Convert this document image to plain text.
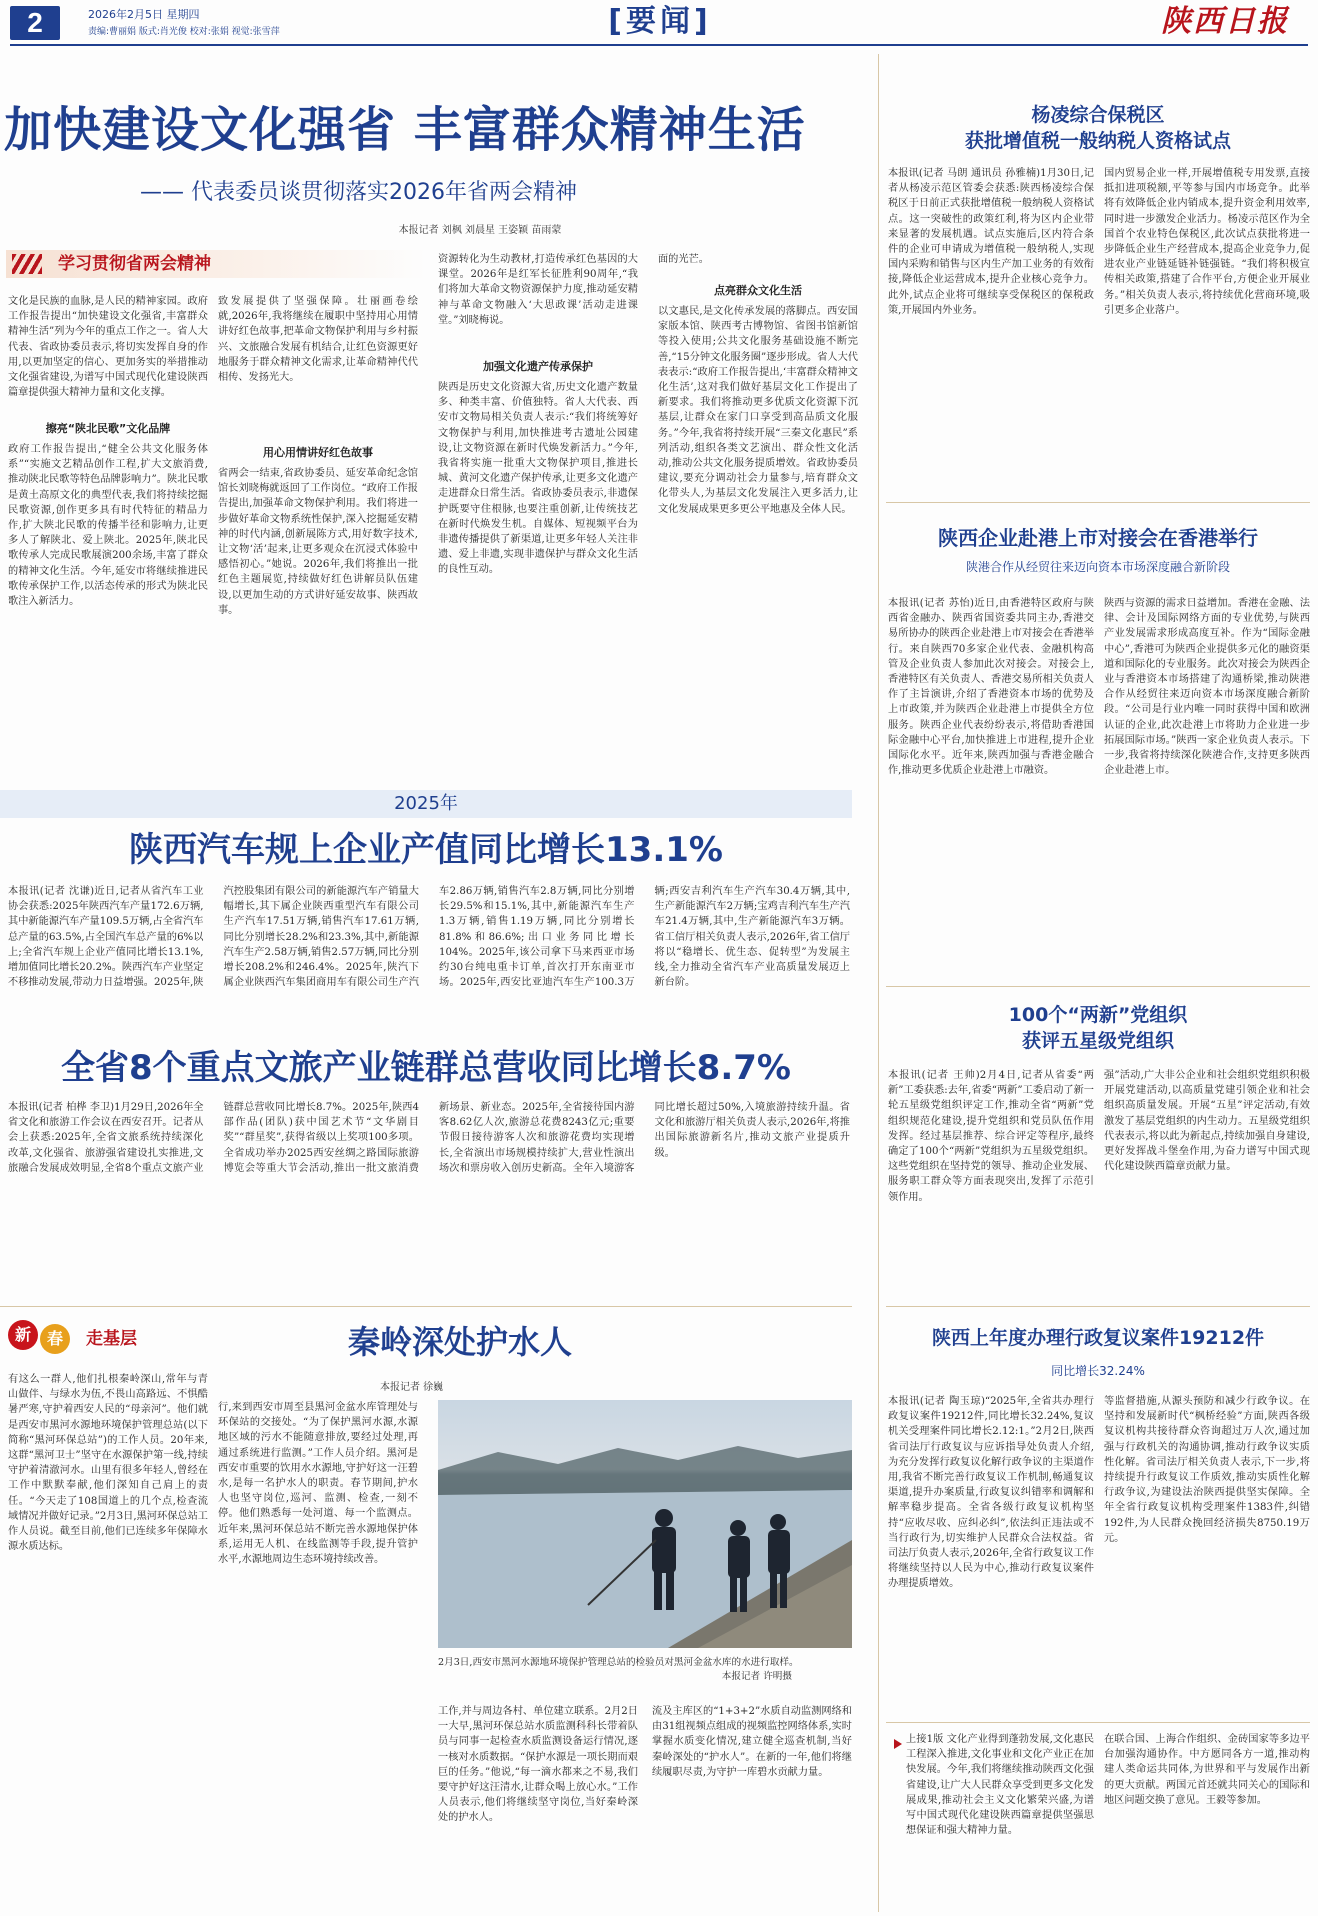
2	2026年2月5日 星期四
责编:曹丽娟 版式:肖光俊 校对:张娟 视觉:张雪萍	[要闻]	陕西日报
加快建设文化强省 丰富群众精神生活
—— 代表委员谈贯彻落实2026年省两会精神
本报记者 刘枫 刘晨星 王姿颖 苗雨蒙
学习贯彻省两会精神
文化是民族的血脉,是人民的精神家园。政府工作报告提出“加快建设文化强省,丰富群众精神生活”列为今年的重点工作之一。省人大代表、省政协委员表示,将切实发挥自身的作用,以更加坚定的信心、更加务实的举措推动文化强省建设,为谱写中国式现代化建设陕西篇章提供强大精神力量和文化支撑。
擦亮“陕北民歌”文化品牌
政府工作报告提出,“健全公共文化服务体系”“实施文艺精品创作工程,扩大文旅消费,推动陕北民歌等特色品牌影响力”。陕北民歌是黄土高原文化的典型代表,我们将持续挖掘民歌资源,创作更多具有时代特征的精品力作,扩大陕北民歌的传播半径和影响力,让更多人了解陕北、爱上陕北。2025年,陕北民歌传承人完成民歌展演200余场,丰富了群众的精神文化生活。今年,延安市将继续推进民歌传承保护工作,以活态传承的形式为陕北民歌注入新活力。
致发展提供了坚强保障。壮丽画卷绘就,2026年,我将继续在履职中坚持用心用情讲好红色故事,把革命文物保护利用与乡村振兴、文旅融合发展有机结合,让红色资源更好地服务于群众精神文化需求,让革命精神代代相传、发扬光大。
用心用情讲好红色故事
省两会一结束,省政协委员、延安革命纪念馆馆长刘晓梅就返回了工作岗位。“政府工作报告提出,加强革命文物保护利用。我们将进一步做好革命文物系统性保护,深入挖掘延安精神的时代内涵,创新展陈方式,用好数字技术,让文物‘活’起来,让更多观众在沉浸式体验中感悟初心。”她说。2026年,我们将推出一批红色主题展览,持续做好红色讲解员队伍建设,以更加生动的方式讲好延安故事、陕西故事。
资源转化为生动教材,打造传承红色基因的大课堂。2026年是红军长征胜利90周年,“我们将加大革命文物资源保护力度,推动延安精神与革命文物融入‘大思政课’活动走进课堂。”刘晓梅说。
加强文化遗产传承保护
陕西是历史文化资源大省,历史文化遗产数量多、种类丰富、价值独特。省人大代表、西安市文物局相关负责人表示:“我们将统筹好文物保护与利用,加快推进考古遗址公园建设,让文物资源在新时代焕发新活力。”今年,我省将实施一批重大文物保护项目,推进长城、黄河文化遗产保护传承,让更多文化遗产走进群众日常生活。省政协委员表示,非遗保护既要守住根脉,也要注重创新,让传统技艺在新时代焕发生机。自媒体、短视频平台为非遗传播提供了新渠道,让更多年轻人关注非遗、爱上非遗,实现非遗保护与群众文化生活的良性互动。
面的光芒。
点亮群众文化生活
以文惠民,是文化传承发展的落脚点。西安国家版本馆、陕西考古博物馆、省图书馆新馆等投入使用;公共文化服务基础设施不断完善,“15分钟文化服务圈”逐步形成。省人大代表表示:“政府工作报告提出,‘丰富群众精神文化生活’,这对我们做好基层文化工作提出了新要求。我们将推动更多优质文化资源下沉基层,让群众在家门口享受到高品质文化服务。”今年,我省将持续开展“三秦文化惠民”系列活动,组织各类文艺演出、群众性文化活动,推动公共文化服务提质增效。省政协委员建议,要充分调动社会力量参与,培育群众文化带头人,为基层文化发展注入更多活力,让文化发展成果更多更公平地惠及全体人民。
2025年
陕西汽车规上企业产值同比增长13.1%
本报讯(记者 沈谦)近日,记者从省汽车工业协会获悉:2025年陕西汽车产量172.6万辆,其中新能源汽车产量109.5万辆,占全省汽车总产量的63.5%,占全国汽车总产量的6%以上;全省汽车规上企业产值同比增长13.1%,增加值同比增长20.2%。陕西汽车产业坚定不移推动发展,带动力日益增强。2025年,陕汽控股集团有限公司的新能源汽车产销量大幅增长,其下属企业陕西重型汽车有限公司生产汽车17.51万辆,销售汽车17.61万辆,同比分别增长28.2%和23.3%,其中,新能源汽车生产2.58万辆,销售2.57万辆,同比分别增长208.2%和246.4%。2025年,陕汽下属企业陕西汽车集团商用车有限公司生产汽车2.86万辆,销售汽车2.8万辆,同比分别增长29.5%和15.1%,其中,新能源汽车生产1.3万辆,销售1.19万辆,同比分别增长81.8%和86.6%;出口业务同比增长104%。2025年,该公司拿下马来西亚市场约30台纯电重卡订单,首次打开东南亚市场。2025年,西安比亚迪汽车生产100.3万辆;西安吉利汽车生产汽车30.4万辆,其中,生产新能源汽车2万辆;宝鸡吉利汽车生产汽车21.4万辆,其中,生产新能源汽车3万辆。省工信厅相关负责人表示,2026年,省工信厅将以“稳增长、优生态、促转型”为发展主线,全力推动全省汽车产业高质量发展迈上新台阶。
全省8个重点文旅产业链群总营收同比增长8.7%
本报讯(记者 柏桦 李卫)1月29日,2026年全省文化和旅游工作会议在西安召开。记者从会上获悉:2025年,全省文旅系统持续深化改革,文化强省、旅游强省建设扎实推进,文旅融合发展成效明显,全省8个重点文旅产业链群总营收同比增长8.7%。2025年,陕西4部作品(团队)获中国艺术节“文华剧目奖”“群星奖”,获得省级以上奖项100多项。全省成功举办2025西安丝绸之路国际旅游博览会等重大节会活动,推出一批文旅消费新场景、新业态。2025年,全省接待国内游客8.62亿人次,旅游总花费8243亿元;重要节假日接待游客人次和旅游花费均实现增长,全省演出市场规模持续扩大,营业性演出场次和票房收入创历史新高。全年入境游客同比增长超过50%,入境旅游持续升温。省文化和旅游厅相关负责人表示,2026年,将推出国际旅游新名片,推动文旅产业提质升级。
新 春	走基层	秦岭深处护水人
本报记者 徐巍
有这么一群人,他们扎根秦岭深山,常年与青山做伴、与绿水为伍,不畏山高路远、不惧酷暑严寒,守护着西安人民的“母亲河”。他们就是西安市黑河水源地环境保护管理总站(以下简称“黑河环保总站”)的工作人员。20年来,这群“黑河卫士”坚守在水源保护第一线,持续守护着清澈河水。山里有很多年轻人,曾经在工作中默默奉献,他们深知自己肩上的责任。“今天走了108国道上的几个点,检查流域情况并做好记录。”2月3日,黑河环保总站工作人员说。截至目前,他们已连续多年保障水源水质达标。
行,来到西安市周至县黑河金盆水库管理处与环保站的交接处。“为了保护黑河水源,水源地区域的污水不能随意排放,要经过处理,再通过系统进行监测。”工作人员介绍。黑河是西安市重要的饮用水水源地,守护好这一汪碧水,是每一名护水人的职责。春节期间,护水人也坚守岗位,巡河、监测、检查,一刻不停。他们熟悉每一处河道、每一个监测点。近年来,黑河环保总站不断完善水源地保护体系,运用无人机、在线监测等手段,提升管护水平,水源地周边生态环境持续改善。
2月3日,西安市黑河水源地环境保护管理总站的检验员对黑河金盆水库的水进行取样。

本报记者 许明摄
工作,并与周边各村、单位建立联系。2月2日一大早,黑河环保总站水质监测科科长带着队员与同事一起检查水质监测设备运行情况,逐一核对水质数据。“保护水源是一项长期而艰巨的任务。”他说,“每一滴水都来之不易,我们要守护好这汪清水,让群众喝上放心水。”工作人员表示,他们将继续坚守岗位,当好秦岭深处的护水人。
流及主库区的“1+3+2”水质自动监测网络和由31组视频点组成的视频监控网络体系,实时掌握水质变化情况,建立健全巡查机制,当好秦岭深处的“护水人”。在新的一年,他们将继续履职尽责,为守护一库碧水贡献力量。
杨凌综合保税区
获批增值税一般纳税人资格试点
本报讯(记者 马朗 通讯员 孙雅楠)1月30日,记者从杨凌示范区管委会获悉:陕西杨凌综合保税区于日前正式获批增值税一般纳税人资格试点。这一突破性的政策红利,将为区内企业带来显著的发展机遇。试点实施后,区内符合条件的企业可申请成为增值税一般纳税人,实现国内采购和销售与区内生产加工业务的有效衔接,降低企业运营成本,提升企业核心竞争力。此外,试点企业将可继续享受保税区的保税政策,开展国内外业务。
国内贸易企业一样,开展增值税专用发票,直接抵扣进项税额,平等参与国内市场竞争。此举将有效降低企业内销成本,提升资金利用效率,同时进一步激发企业活力。杨凌示范区作为全国首个农业特色保税区,此次试点获批将进一步降低企业生产经营成本,提高企业竞争力,促进农业产业链延链补链强链。“我们将积极宣传相关政策,搭建了合作平台,方便企业开展业务。”相关负责人表示,将持续优化营商环境,吸引更多企业落户。
陕西企业赴港上市对接会在香港举行
陕港合作从经贸往来迈向资本市场深度融合新阶段
本报讯(记者 苏怡)近日,由香港特区政府与陕西省金融办、陕西省国资委共同主办,香港交易所协办的陕西企业赴港上市对接会在香港举行。来自陕西70多家企业代表、金融机构高管及企业负责人参加此次对接会。对接会上,香港特区有关负责人、香港交易所相关负责人作了主旨演讲,介绍了香港资本市场的优势及上市政策,并为陕西企业赴港上市提供全方位服务。陕西企业代表纷纷表示,将借助香港国际金融中心平台,加快推进上市进程,提升企业国际化水平。近年来,陕西加强与香港金融合作,推动更多优质企业赴港上市融资。
陕西与资源的需求日益增加。香港在金融、法律、会计及国际网络方面的专业优势,与陕西产业发展需求形成高度互补。作为“国际金融中心”,香港可为陕西企业提供多元化的融资渠道和国际化的专业服务。此次对接会为陕西企业与香港资本市场搭建了沟通桥梁,推动陕港合作从经贸往来迈向资本市场深度融合新阶段。“公司是行业内唯一同时获得中国和欧洲认证的企业,此次赴港上市将助力企业进一步拓展国际市场。”陕西一家企业负责人表示。下一步,我省将持续深化陕港合作,支持更多陕西企业赴港上市。
100个“两新”党组织
获评五星级党组织
本报讯(记者 王帅)2月4日,记者从省委“两新”工委获悉:去年,省委“两新”工委启动了新一轮五星级党组织评定工作,推动全省“两新”党组织规范化建设,提升党组织和党员队伍作用发挥。经过基层推荐、综合评定等程序,最终确定了100个“两新”党组织为五星级党组织。这些党组织在坚持党的领导、推动企业发展、服务职工群众等方面表现突出,发挥了示范引领作用。
强”活动,广大非公企业和社会组织党组织积极开展党建活动,以高质量党建引领企业和社会组织高质量发展。开展“五星”评定活动,有效激发了基层党组织的内生动力。五星级党组织代表表示,将以此为新起点,持续加强自身建设,更好发挥战斗堡垒作用,为奋力谱写中国式现代化建设陕西篇章贡献力量。
陕西上年度办理行政复议案件19212件
同比增长32.24%
本报讯(记者 陶玉琼)“2025年,全省共办理行政复议案件19212件,同比增长32.24%,复议机关受理案件同比增长2.12:1。”2月2日,陕西省司法厅行政复议与应诉指导处负责人介绍,为充分发挥行政复议化解行政争议的主渠道作用,我省不断完善行政复议工作机制,畅通复议渠道,提升办案质量,行政复议纠错率和调解和解率稳步提高。全省各级行政复议机构坚持“应收尽收、应纠必纠”,依法纠正违法或不当行政行为,切实维护人民群众合法权益。省司法厅负责人表示,2026年,全省行政复议工作将继续坚持以人民为中心,推动行政复议案件办理提质增效。
等监督措施,从源头预防和减少行政争议。在坚持和发展新时代“枫桥经验”方面,陕西各级复议机构共接待群众咨询超过万人次,通过加强与行政机关的沟通协调,推动行政争议实质性化解。省司法厅相关负责人表示,下一步,将持续提升行政复议工作质效,推动实质性化解行政争议,为建设法治陕西提供坚实保障。全年全省行政复议机构受理案件1383件,纠错192件,为人民群众挽回经济损失8750.19万元。
上接1版 文化产业得到蓬勃发展,文化惠民工程深入推进,文化事业和文化产业正在加快发展。今年,我们将继续推动陕西文化强省建设,让广大人民群众享受到更多文化发展成果,推动社会主义文化繁荣兴盛,为谱写中国式现代化建设陕西篇章提供坚强思想保证和强大精神力量。
在联合国、上海合作组织、金砖国家等多边平台加强沟通协作。中方愿同各方一道,推动构建人类命运共同体,为世界和平与发展作出新的更大贡献。两国元首还就共同关心的国际和地区问题交换了意见。王毅等参加。
